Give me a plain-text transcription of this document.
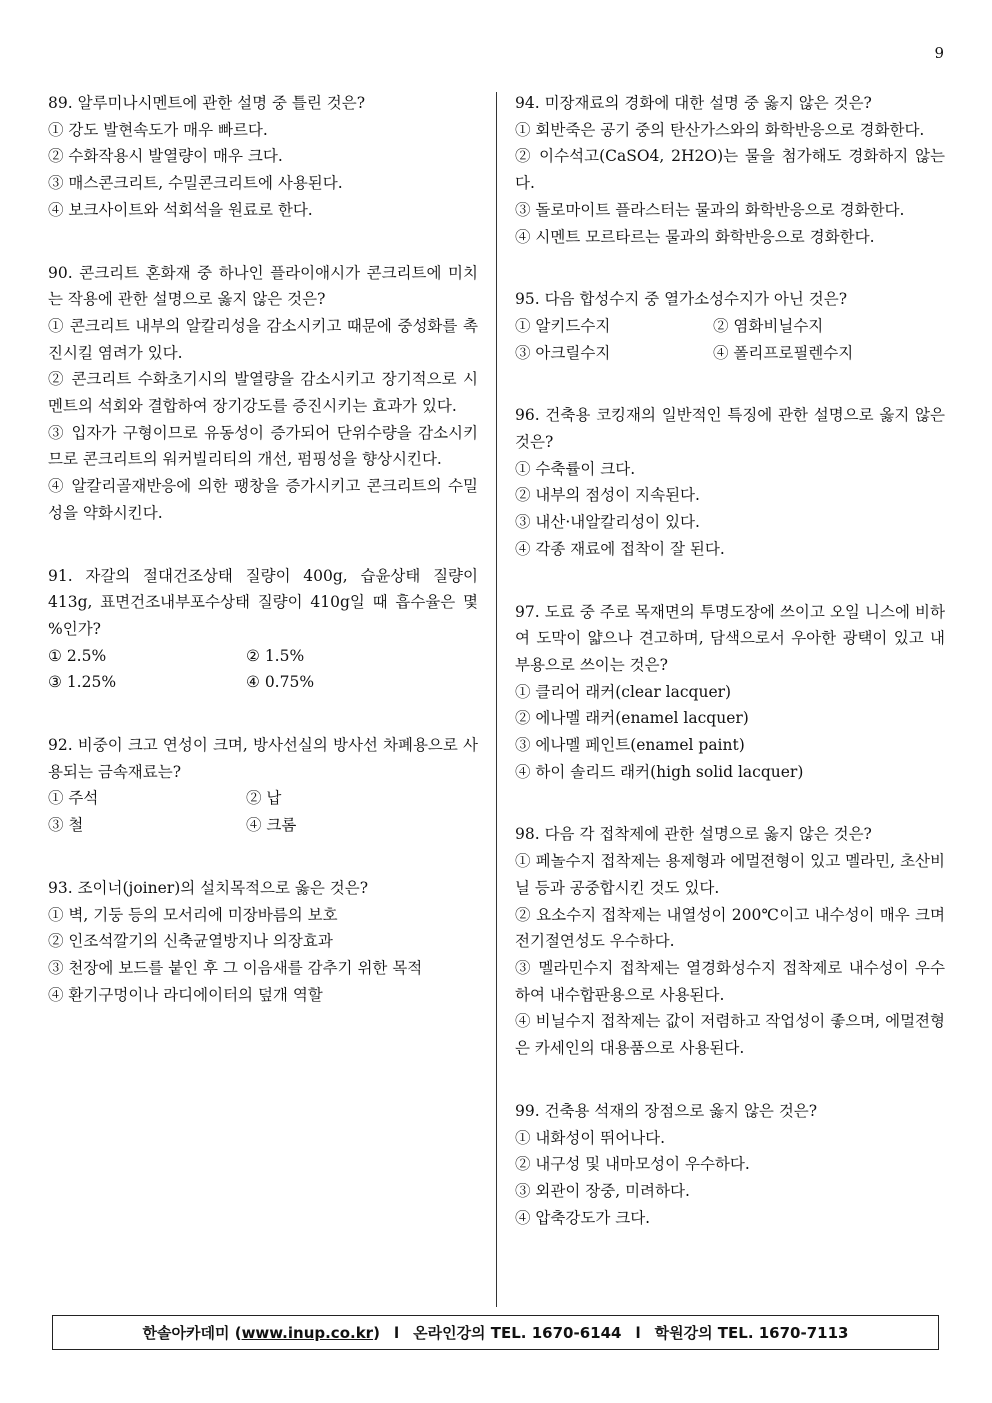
9
89. 알루미나시멘트에 관한 설명 중 틀린 것은?
① 강도 발현속도가 매우 빠르다.
② 수화작용시 발열량이 매우 크다.
③ 매스콘크리트, 수밀콘크리트에 사용된다.
④ 보크사이트와 석회석을 원료로 한다.
90. 콘크리트 혼화재 중 하나인 플라이애시가 콘크리트에 미치는 작용에 관한 설명으로 옳지 않은 것은?
① 콘크리트 내부의 알칼리성을 감소시키고 때문에 중성화를 촉진시킬 염려가 있다.
② 콘크리트 수화초기시의 발열량을 감소시키고 장기적으로 시멘트의 석회와 결합하여 장기강도를 증진시키는 효과가 있다.
③ 입자가 구형이므로 유동성이 증가되어 단위수량을 감소시키므로 콘크리트의 워커빌리티의 개선, 펌핑성을 향상시킨다.
④ 알칼리골재반응에 의한 팽창을 증가시키고 콘크리트의 수밀성을 약화시킨다.
91. 자갈의 절대건조상태 질량이 400g, 습윤상태 질량이 413g, 표면건조내부포수상태 질량이 410g일 때 흡수율은 몇 %인가?
① 2.5%	② 1.5%
③ 1.25%	④ 0.75%
92. 비중이 크고 연성이 크며, 방사선실의 방사선 차폐용으로 사용되는 금속재료는?
① 주석	② 납
③ 철	④ 크롬
93. 조이너(joiner)의 설치목적으로 옳은 것은?
① 벽, 기둥 등의 모서리에 미장바름의 보호
② 인조석깔기의 신축균열방지나 의장효과
③ 천장에 보드를 붙인 후 그 이음새를 감추기 위한 목적
④ 환기구멍이나 라디에이터의 덮개 역할
94. 미장재료의 경화에 대한 설명 중 옳지 않은 것은?
① 회반죽은 공기 중의 탄산가스와의 화학반응으로 경화한다.
② 이수석고(CaSO4, 2H2O)는 물을 첨가해도 경화하지 않는다.
③ 돌로마이트 플라스터는 물과의 화학반응으로 경화한다.
④ 시멘트 모르타르는 물과의 화학반응으로 경화한다.
95. 다음 합성수지 중 열가소성수지가 아닌 것은?
① 알키드수지	② 염화비닐수지
③ 아크릴수지	④ 폴리프로필렌수지
96. 건축용 코킹재의 일반적인 특징에 관한 설명으로 옳지 않은 것은?
① 수축률이 크다.
② 내부의 점성이 지속된다.
③ 내산·내알칼리성이 있다.
④ 각종 재료에 접착이 잘 된다.
97. 도료 중 주로 목재면의 투명도장에 쓰이고 오일 니스에 비하여 도막이 얇으나 견고하며, 담색으로서 우아한 광택이 있고 내부용으로 쓰이는 것은?
① 클리어 래커(clear lacquer)
② 에나멜 래커(enamel lacquer)
③ 에나멜 페인트(enamel paint)
④ 하이 솔리드 래커(high solid lacquer)
98. 다음 각 접착제에 관한 설명으로 옳지 않은 것은?
① 페놀수지 접착제는 용제형과 에멀젼형이 있고 멜라민, 초산비닐 등과 공중합시킨 것도 있다.
② 요소수지 접착제는 내열성이 200℃이고 내수성이 매우 크며 전기절연성도 우수하다.
③ 멜라민수지 접착제는 열경화성수지 접착제로 내수성이 우수하여 내수합판용으로 사용된다.
④ 비닐수지 접착제는 값이 저렴하고 작업성이 좋으며, 에멀젼형은 카세인의 대용품으로 사용된다.
99. 건축용 석재의 장점으로 옳지 않은 것은?
① 내화성이 뛰어나다.
② 내구성 및 내마모성이 우수하다.
③ 외관이 장중, 미려하다.
④ 압축강도가 크다.
한솔아카데미
( www.inup.co.kr ) l 온라인강의 TEL. 1670-6144 l 학원강의 TEL. 1670-7113
